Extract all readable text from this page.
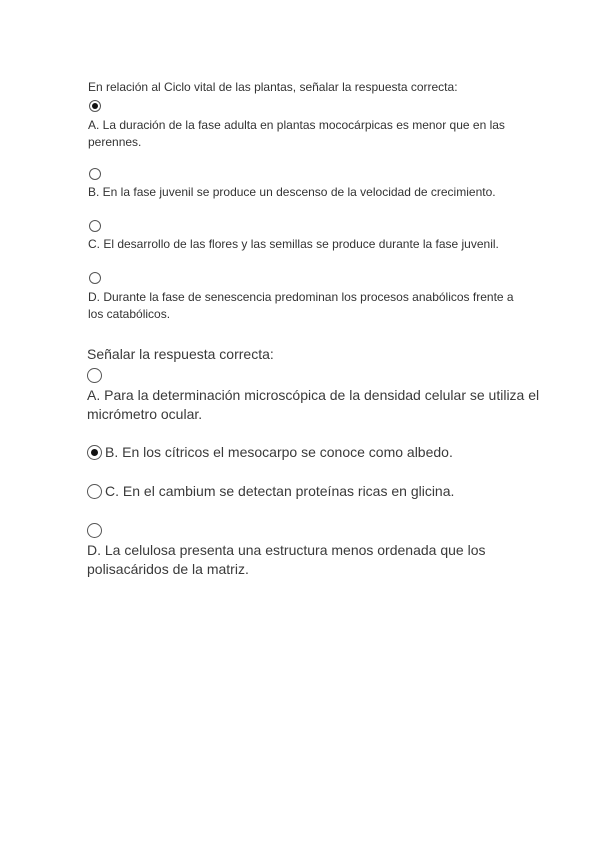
En relación al Ciclo vital de las plantas, señalar la respuesta correcta:
A. La duración de la fase adulta en plantas mococárpicas es menor que en las perennes.
B. En la fase juvenil se produce un descenso de la velocidad de crecimiento.
C. El desarrollo de las flores y las semillas se produce durante la fase juvenil.
D. Durante la fase de senescencia predominan los procesos anabólicos frente a los catabólicos.
Señalar la respuesta correcta:
A. Para la determinación microscópica de la densidad celular se utiliza el micrómetro ocular.
B. En los cítricos el mesocarpo se conoce como albedo.
C. En el cambium se detectan proteínas ricas en glicina.
D. La celulosa presenta una estructura menos ordenada que los polisacáridos de la matriz.
